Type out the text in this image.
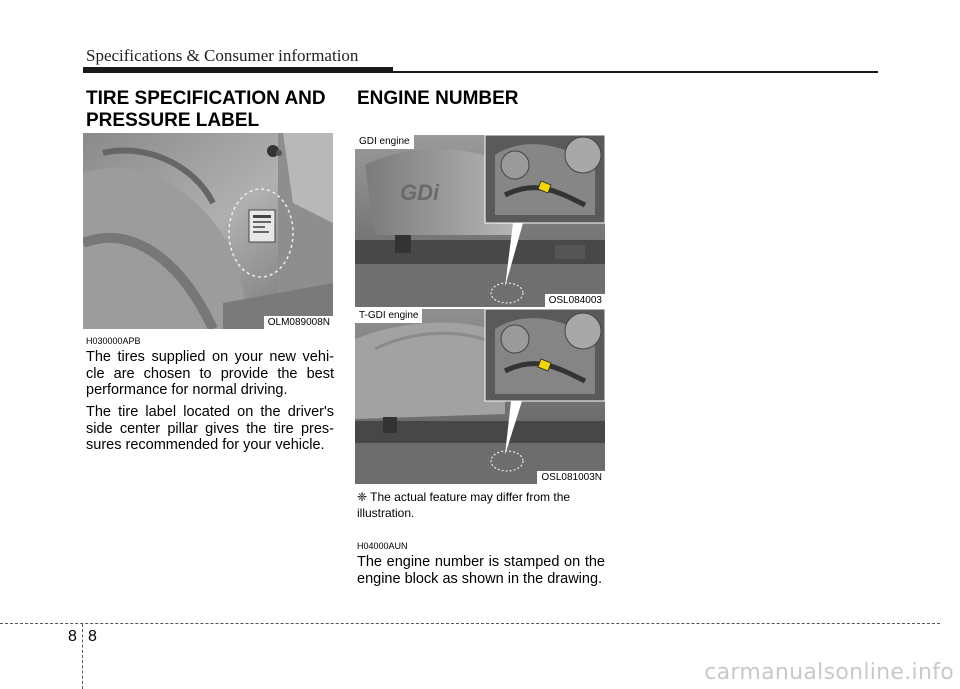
Specifications & Consumer information
TIRE SPECIFICATION AND PRESSURE LABEL
OLM089008N
H030000APB
The tires supplied on your new vehi-cle are chosen to provide the best performance for normal driving.
The tire label located on the driver's side center pillar gives the tire pres-sures recommended for your vehicle.
ENGINE NUMBER
GDi
GDI engine
OSL084003
T-GDI engine
OSL081003N
❈ The actual feature may differ from the illustration.
H04000AUN
The engine number is stamped on the engine block as shown in the drawing.
8 8
carmanualsonline.info
